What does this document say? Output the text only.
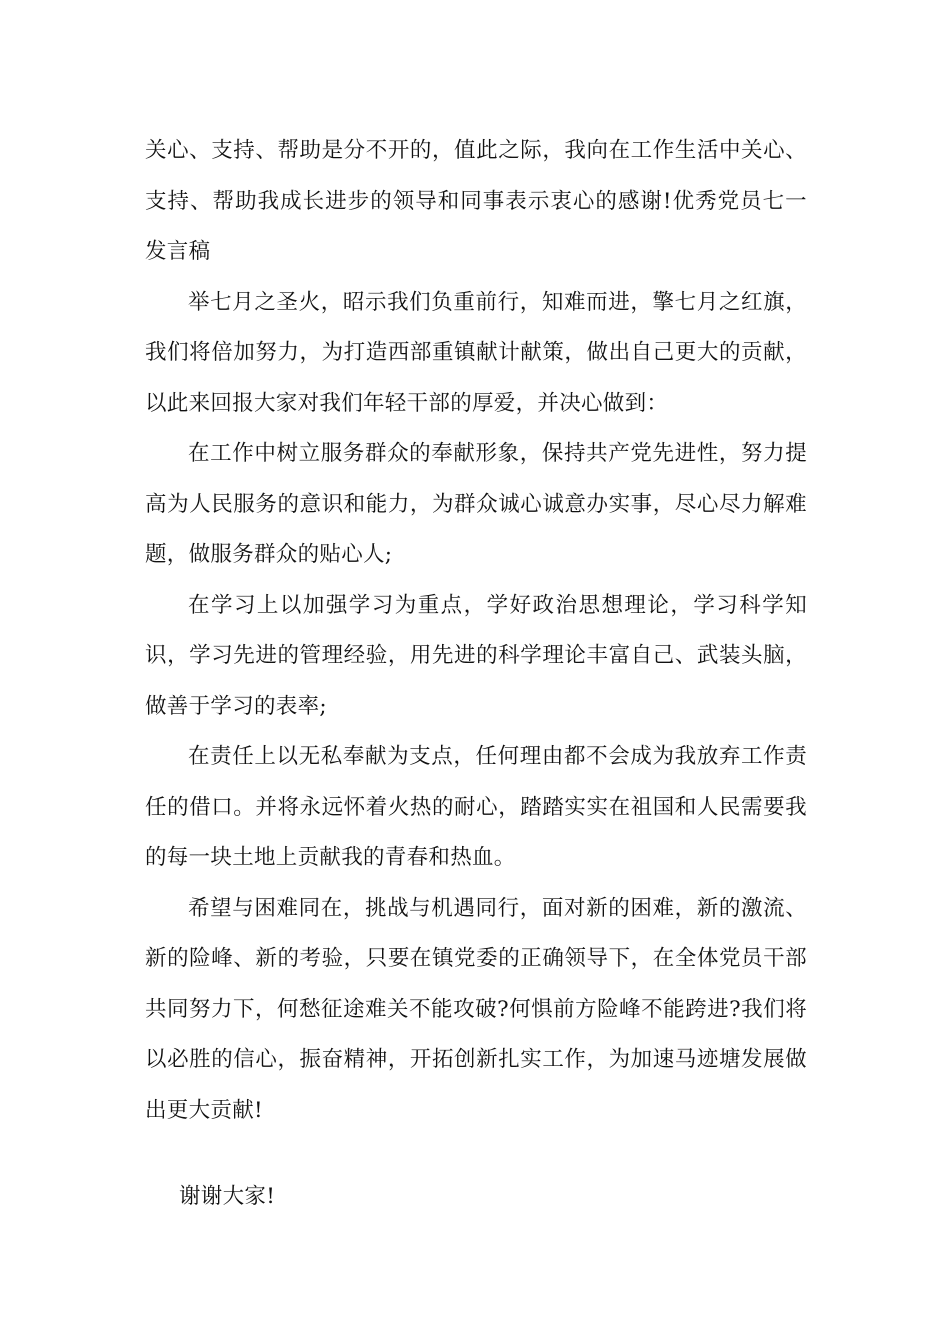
关心、支持、帮助是分不开的，值此之际，我向在工作生活中关心、支持、帮助我成长进步的领导和同事表示衷心的感谢!优秀党员七一发言稿

举七月之圣火，昭示我们负重前行，知难而进，擎七月之红旗，我们将倍加努力，为打造西部重镇献计献策，做出自己更大的贡献，以此来回报大家对我们年轻干部的厚爱，并决心做到：

在工作中树立服务群众的奉献形象，保持共产党先进性，努力提高为人民服务的意识和能力，为群众诚心诚意办实事，尽心尽力解难题，做服务群众的贴心人;

在学习上以加强学习为重点，学好政治思想理论，学习科学知识，学习先进的管理经验，用先进的科学理论丰富自己、武装头脑，做善于学习的表率;

在责任上以无私奉献为支点，任何理由都不会成为我放弃工作责任的借口。并将永远怀着火热的耐心，踏踏实实在祖国和人民需要我的每一块土地上贡献我的青春和热血。

希望与困难同在，挑战与机遇同行，面对新的困难，新的激流、新的险峰、新的考验，只要在镇党委的正确领导下，在全体党员干部共同努力下，何愁征途难关不能攻破?何惧前方险峰不能跨进?我们将以必胜的信心，振奋精神，开拓创新扎实工作，为加速马迹塘发展做出更大贡献!

谢谢大家!
